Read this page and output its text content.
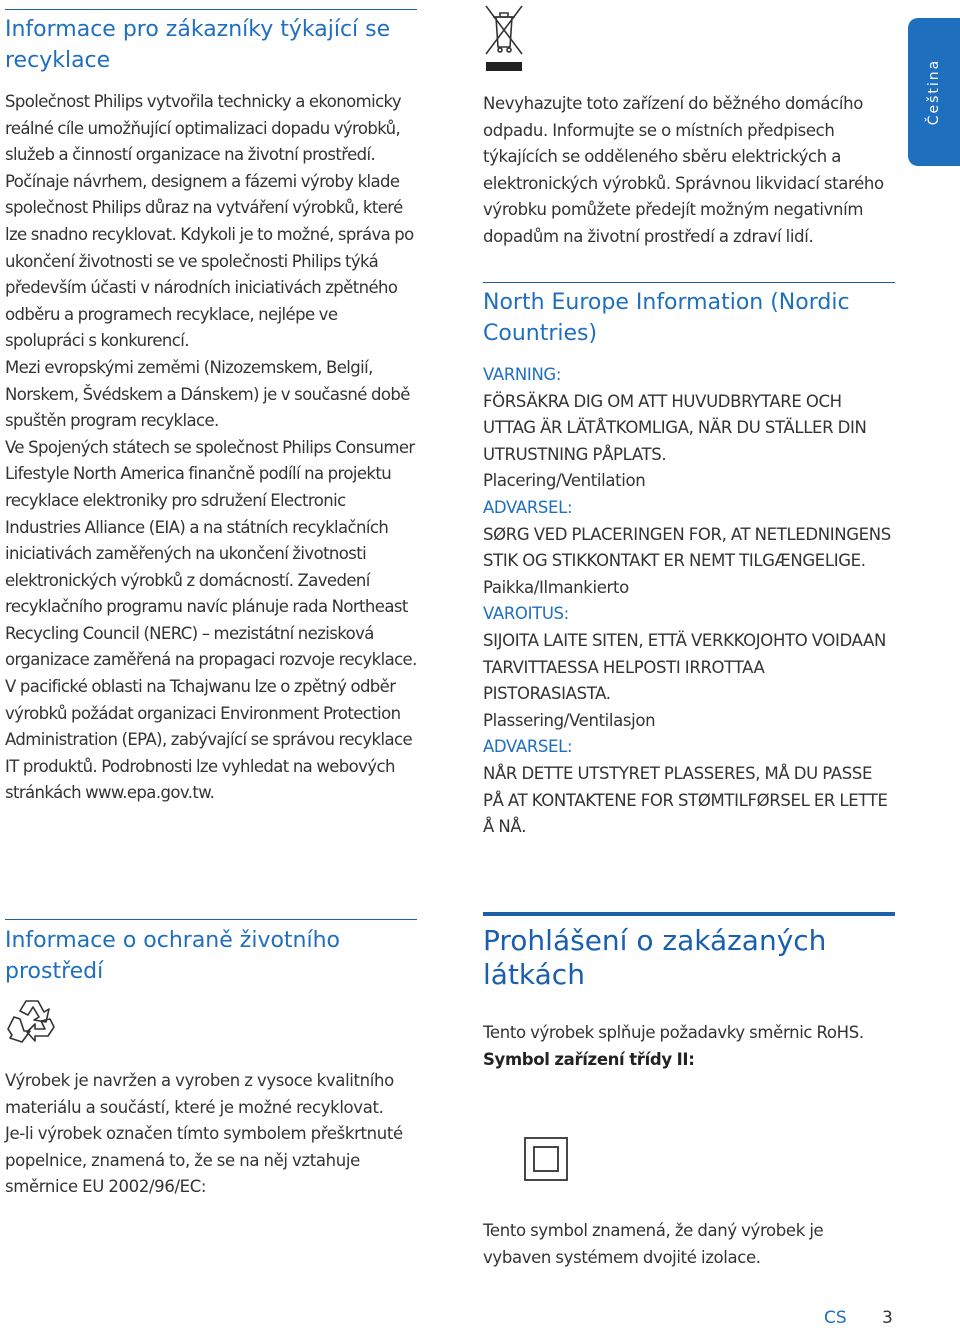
Čeština
Informace pro zákazníky týkající se recyklace
Společnost Philips vytvořila technicky a ekonomicky reálné cíle umožňující optimalizaci dopadu výrobků, služeb a činností organizace na životní prostředí.
Počínaje návrhem, designem a fázemi výroby klade společnost Philips důraz na vytváření výrobků, které lze snadno recyklovat. Kdykoli je to možné, správa po ukončení životnosti se ve společnosti Philips týká především účasti v národních iniciativách zpětného odběru a programech recyklace, nejlépe ve spolupráci s konkurencí.
Mezi evropskými zeměmi (Nizozemskem, Belgií, Norskem, Švédskem a Dánskem) je v současné době spuštěn program recyklace.
Ve Spojených státech se společnost Philips Consumer Lifestyle North America finančně podílí na projektu recyklace elektroniky pro sdružení Electronic Industries Alliance (EIA) a na státních recyklačních iniciativách zaměřených na ukončení životnosti elektronických výrobků z domácností. Zavedení recyklačního programu navíc plánuje rada Northeast Recycling Council (NERC) – mezistátní nezisková organizace zaměřená na propagaci rozvoje recyklace.
V pacifické oblasti na Tchajwanu lze o zpětný odběr výrobků požádat organizaci Environment Protection Administration (EPA), zabývající se správou recyklace IT produktů. Podrobnosti lze vyhledat na webových stránkách www.epa.gov.tw.
Informace o ochraně životního prostředí
Výrobek je navržen a vyroben z vysoce kvalitního materiálu a součástí, které je možné recyklovat.
Je-li výrobek označen tímto symbolem přeškrtnuté popelnice, znamená to, že se na něj vztahuje směrnice EU 2002/96/EC:
Nevyhazujte toto zařízení do běžného domácího odpadu. Informujte se o místních předpisech týkajících se odděleného sběru elektrických a elektronických výrobků. Správnou likvidací starého výrobku pomůžete předejít možným negativním dopadům na životní prostředí a zdraví lidí.
North Europe Information (Nordic Countries)
VARNING:
FÖRSÄKRA DIG OM ATT HUVUDBRYTARE OCH UTTAG ÄR LÄTÅTKOMLIGA, NÄR DU STÄLLER DIN UTRUSTNING PÅPLATS.
Placering/Ventilation
ADVARSEL:
SØRG VED PLACERINGEN FOR, AT NETLEDNINGENS STIK OG STIKKONTAKT ER NEMT TILGÆNGELIGE.
Paikka/Ilmankierto
VAROITUS:
SIJOITA LAITE SITEN, ETTÄ VERKKOJOHTO VOIDAAN TARVITTAESSA HELPOSTI IRROTTAA PISTORASIASTA.
Plassering/Ventilasjon
ADVARSEL:
NÅR DETTE UTSTYRET PLASSERES, MÅ DU PASSE PÅ AT KONTAKTENE FOR STØMTILFØRSEL ER LETTE Å NÅ.
Prohlášení o zakázaných látkách
Tento výrobek splňuje požadavky směrnic RoHS.
Symbol zařízení třídy II:
Tento symbol znamená, že daný výrobek je vybaven systémem dvojité izolace.
CS 3
